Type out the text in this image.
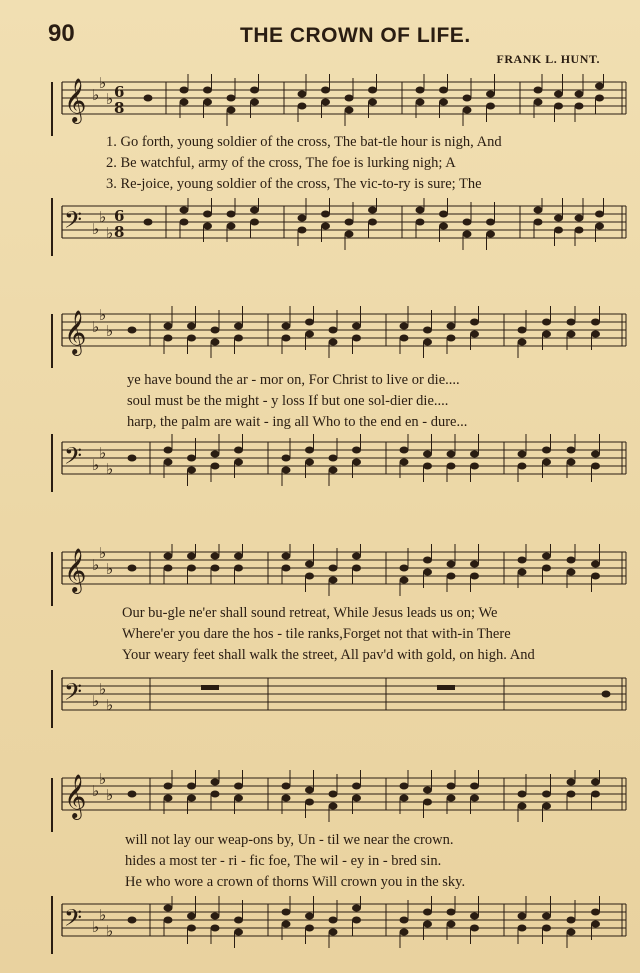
90	THE CROWN OF LIFE.
FRANK L. HUNT.
𝄞 ♭
♭
♭ 6
8
1. Go forth, young soldier of the cross, The bat-tle hour is nigh, And
2. Be watchful, army of the cross, The foe is lurking nigh; A
3. Re-joice, young soldier of the cross, The vic-to-ry is sure; The
𝄢 ♭
♭
♭
6
8
𝄞 ♭
♭
♭
ye have bound the ar - mor on, For Christ to live or die....
soul must be the might - y loss If but one sol-dier die....
harp, the palm are wait - ing all Who to the end en - dure...
𝄢 ♭
♭
♭
𝄞 ♭
♭
♭
Our bu-gle ne'er shall sound retreat, While Jesus leads us on; We
Where'er you dare the hos - tile ranks,Forget not that with-in There
Your weary feet shall walk the street, All pav'd with gold, on high. And
𝄢 ♭
♭
♭
𝄞 ♭
♭
♭
will not lay our weap-ons by, Un - til we near the crown.
hides a most ter - ri - fic foe, The wil - ey in - bred sin.
He who wore a crown of thorns Will crown you in the sky.
𝄢 ♭
♭
♭
